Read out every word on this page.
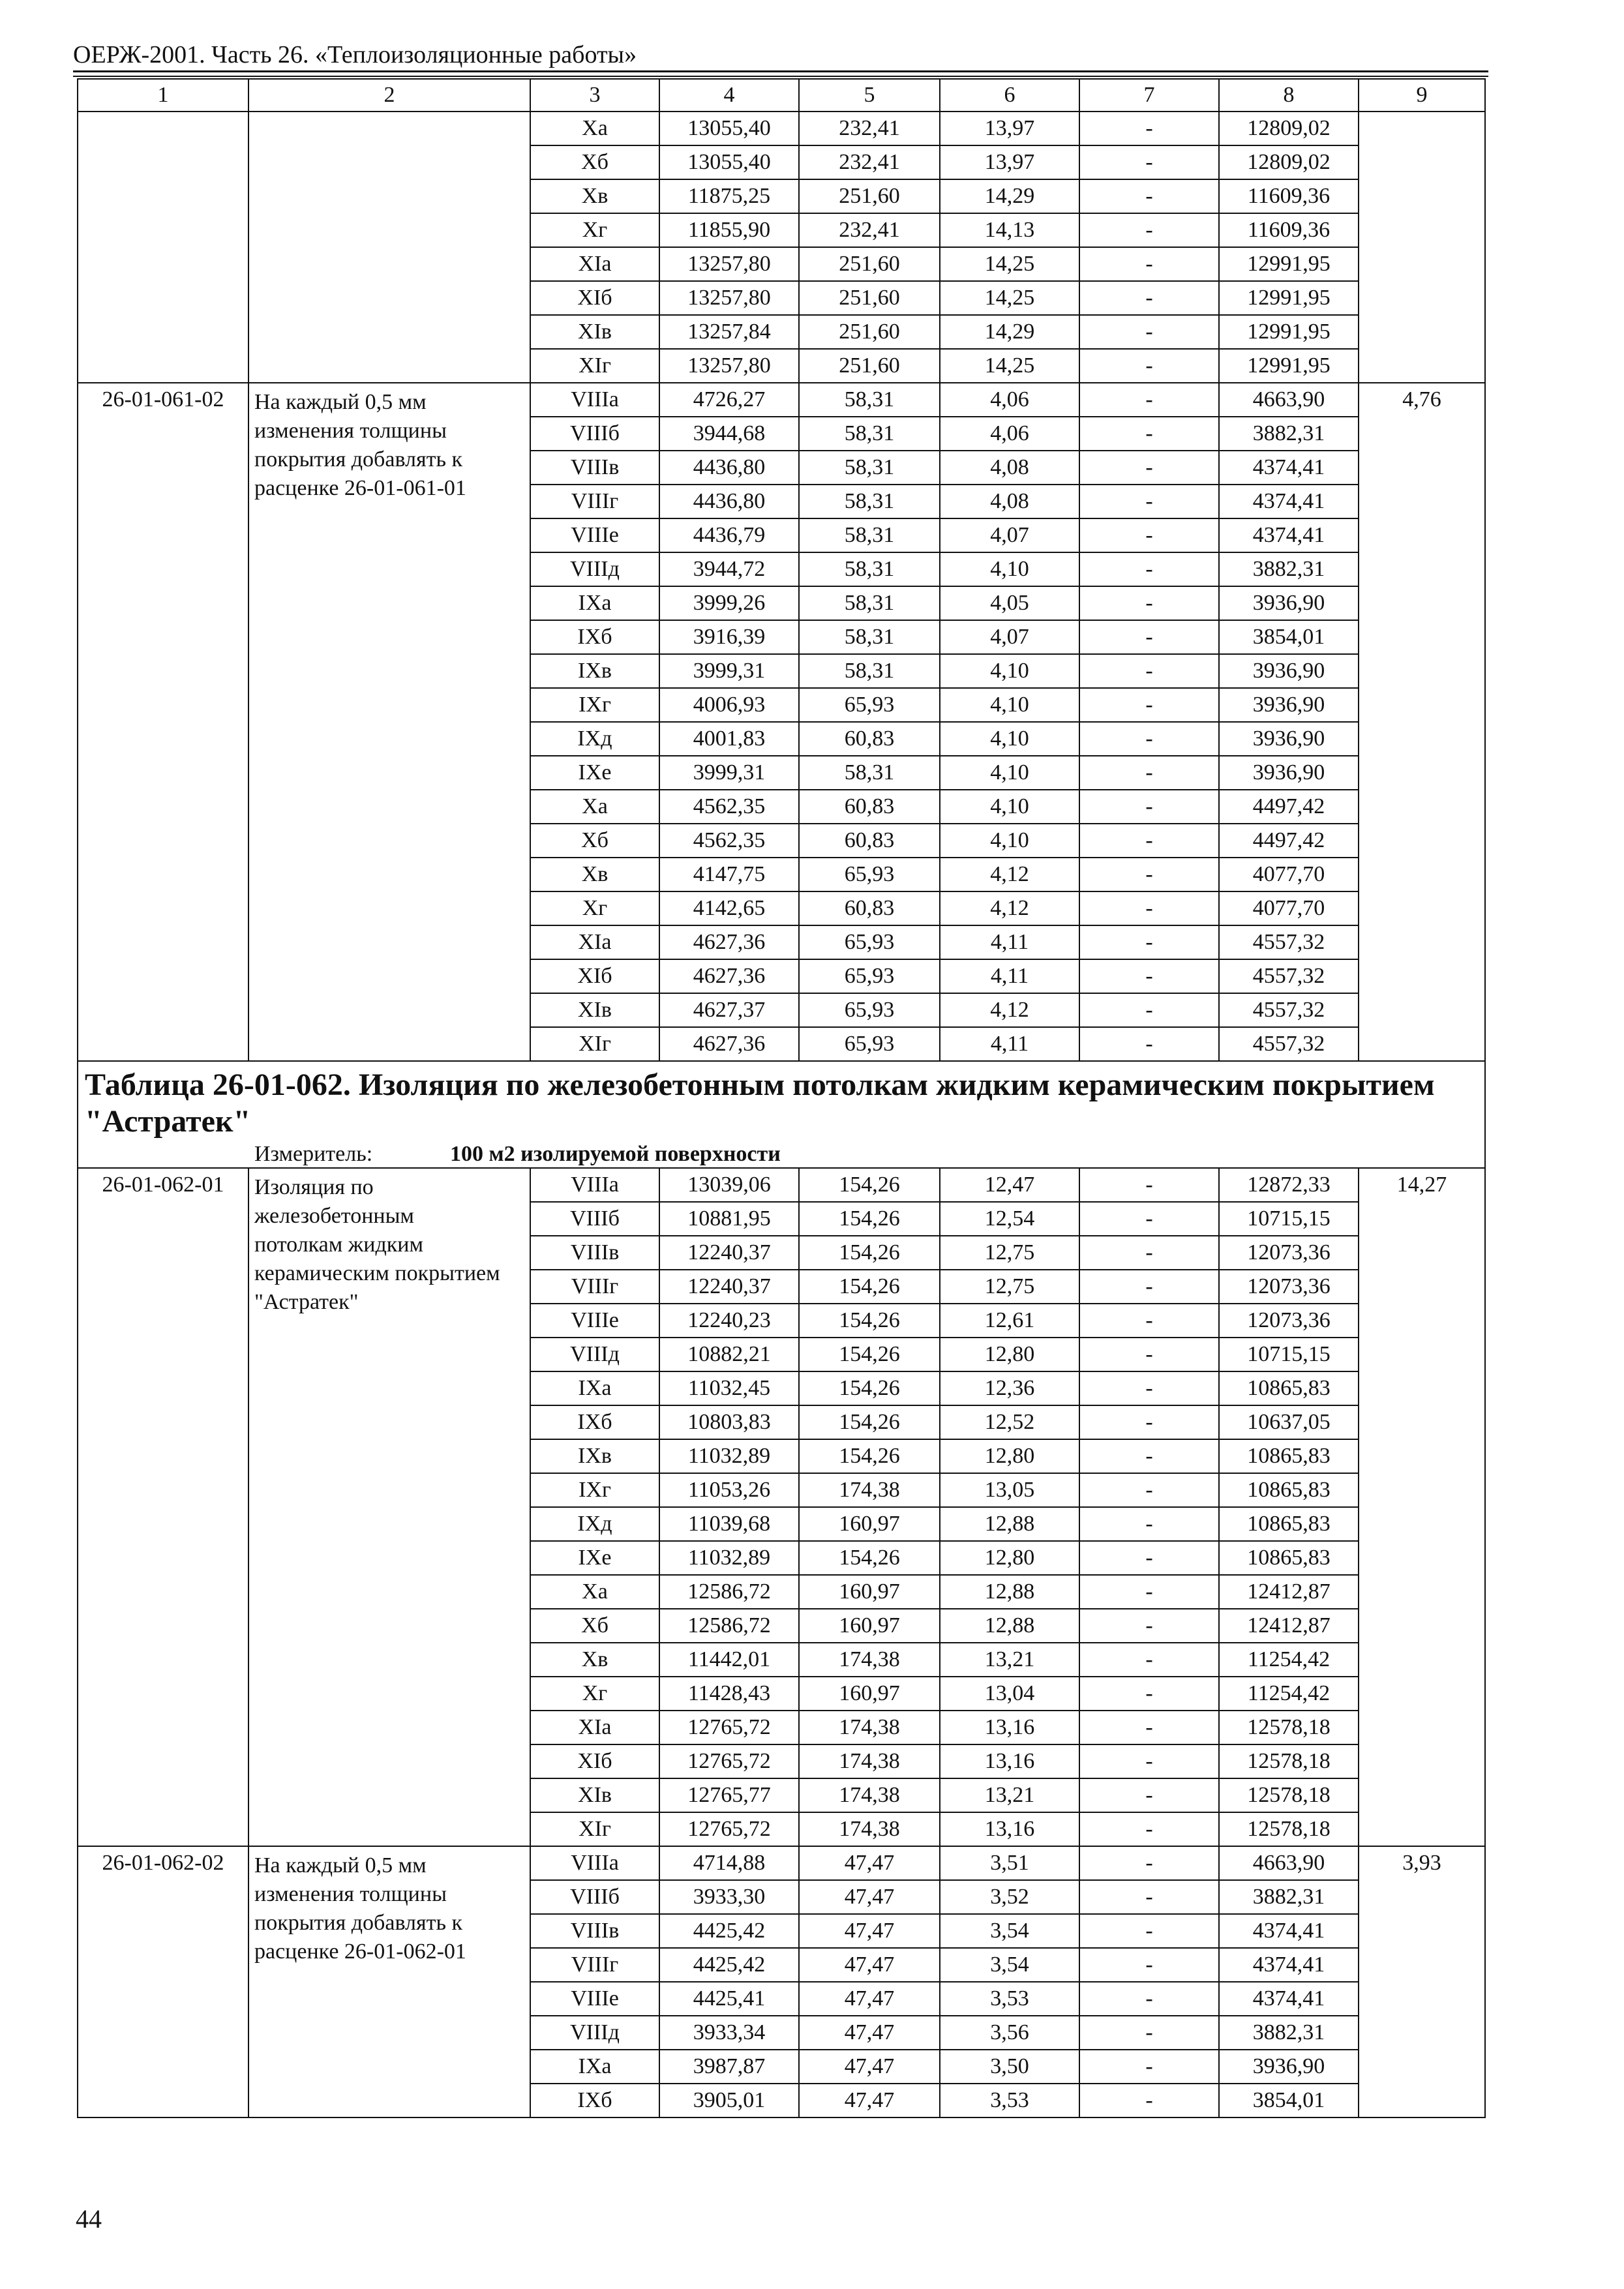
ОЕРЖ-2001. Часть 26. «Теплоизоляционные работы»
1	2	3	4	5	6	7	8	9
		Xa	13055,40	232,41	13,97	-	12809,02	
		Xб	13055,40	232,41	13,97	-	12809,02	
		Xв	11875,25	251,60	14,29	-	11609,36	
		Xг	11855,90	232,41	14,13	-	11609,36	
		XIa	13257,80	251,60	14,25	-	12991,95	
		XIб	13257,80	251,60	14,25	-	12991,95	
		XIв	13257,84	251,60	14,29	-	12991,95	
		XIг	13257,80	251,60	14,25	-	12991,95	
26-01-061-02	На каждый 0,5 мм
изменения толщины
покрытия добавлять к
расценке 26-01-061-01	VIIIa	4726,27	58,31	4,06	-	4663,90	4,76
		VIIIб	3944,68	58,31	4,06	-	3882,31	
		VIIIв	4436,80	58,31	4,08	-	4374,41	
		VIIIг	4436,80	58,31	4,08	-	4374,41	
		VIIIe	4436,79	58,31	4,07	-	4374,41	
		VIIIд	3944,72	58,31	4,10	-	3882,31	
		IXa	3999,26	58,31	4,05	-	3936,90	
		IXб	3916,39	58,31	4,07	-	3854,01	
		IXв	3999,31	58,31	4,10	-	3936,90	
		IXг	4006,93	65,93	4,10	-	3936,90	
		IXд	4001,83	60,83	4,10	-	3936,90	
		IXe	3999,31	58,31	4,10	-	3936,90	
		Xa	4562,35	60,83	4,10	-	4497,42	
		Xб	4562,35	60,83	4,10	-	4497,42	
		Xв	4147,75	65,93	4,12	-	4077,70	
		Xг	4142,65	60,83	4,12	-	4077,70	
		XIa	4627,36	65,93	4,11	-	4557,32	
		XIб	4627,36	65,93	4,11	-	4557,32	
		XIв	4627,37	65,93	4,12	-	4557,32	
		XIг	4627,36	65,93	4,11	-	4557,32	

Таблица 26-01-062. Изоляция по железобетонным потолкам жидким керамическим покрытием "Астратек"
Измеритель: 100 м2 изолируемой поверхности								

26-01-062-01	Изоляция по
железобетонным
потолкам жидким
керамическим покрытием
"Астратек"	VIIIa	13039,06	154,26	12,47	-	12872,33	14,27
		VIIIб	10881,95	154,26	12,54	-	10715,15	
		VIIIв	12240,37	154,26	12,75	-	12073,36	
		VIIIг	12240,37	154,26	12,75	-	12073,36	
		VIIIe	12240,23	154,26	12,61	-	12073,36	
		VIIIд	10882,21	154,26	12,80	-	10715,15	
		IXa	11032,45	154,26	12,36	-	10865,83	
		IXб	10803,83	154,26	12,52	-	10637,05	
		IXв	11032,89	154,26	12,80	-	10865,83	
		IXг	11053,26	174,38	13,05	-	10865,83	
		IXд	11039,68	160,97	12,88	-	10865,83	
		IXe	11032,89	154,26	12,80	-	10865,83	
		Xa	12586,72	160,97	12,88	-	12412,87	
		Xб	12586,72	160,97	12,88	-	12412,87	
		Xв	11442,01	174,38	13,21	-	11254,42	
		Xг	11428,43	160,97	13,04	-	11254,42	
		XIa	12765,72	174,38	13,16	-	12578,18	
		XIб	12765,72	174,38	13,16	-	12578,18	
		XIв	12765,77	174,38	13,21	-	12578,18	
		XIг	12765,72	174,38	13,16	-	12578,18	
26-01-062-02	На каждый 0,5 мм
изменения толщины
покрытия добавлять к
расценке 26-01-062-01	VIIIa	4714,88	47,47	3,51	-	4663,90	3,93
		VIIIб	3933,30	47,47	3,52	-	3882,31	
		VIIIв	4425,42	47,47	3,54	-	4374,41	
		VIIIг	4425,42	47,47	3,54	-	4374,41	
		VIIIe	4425,41	47,47	3,53	-	4374,41	
		VIIIд	3933,34	47,47	3,56	-	3882,31	
		IXa	3987,87	47,47	3,50	-	3936,90	
		IXб	3905,01	47,47	3,53	-	3854,01	
44
